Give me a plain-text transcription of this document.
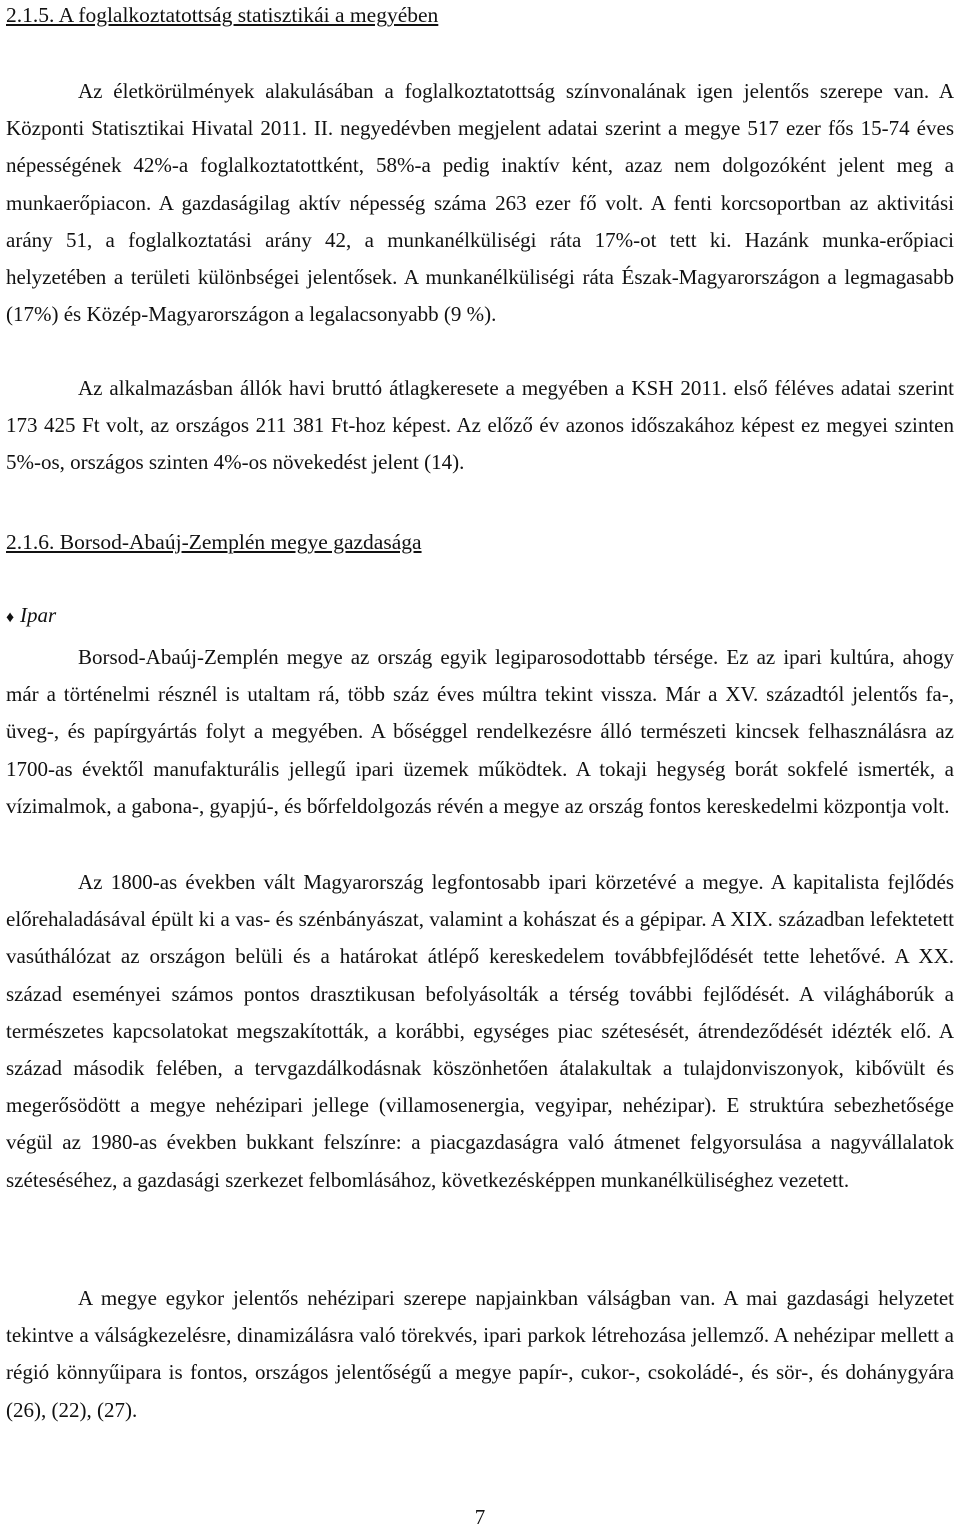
2.1.5. A foglalkoztatottság statisztikái a megyében

Az életkörülmények alakulásában a foglalkoztatottság színvonalának igen jelentős szerepe van. A Központi Statisztikai Hivatal 2011. II. negyedévben megjelent adatai szerint a megye 517 ezer fős 15-74 éves népességének 42%-a foglalkoztatottként, 58%-a pedig inaktív ként, azaz nem dolgozóként jelent meg a munkaerőpiacon. A gazdaságilag aktív népesség száma 263 ezer fő volt. A fenti korcsoportban az aktivitási arány 51, a foglalkoztatási arány 42, a munkanélküliségi ráta 17%-ot tett ki. Hazánk munka-erőpiaci helyzetében a területi különbségei jelentősek. A munkanélküliségi ráta Észak-Magyarországon a legmagasabb (17%) és Közép-Magyarországon a legalacsonyabb (9 %).

Az alkalmazásban állók havi bruttó átlagkeresete a megyében a KSH 2011. első féléves adatai szerint 173 425 Ft volt, az országos 211 381 Ft-hoz képest. Az előző év azonos időszakához képest ez megyei szinten 5%-os, országos szinten 4%-os növekedést jelent (14).

2.1.6. Borsod-Abaúj-Zemplén megye gazdasága
♦ Ipar

Borsod-Abaúj-Zemplén megye az ország egyik legiparosodottabb térsége. Ez az ipari kultúra, ahogy már a történelmi résznél is utaltam rá, több száz éves múltra tekint vissza. Már a XV. századtól jelentős fa-, üveg-, és papírgyártás folyt a megyében. A bőséggel rendelkezésre álló természeti kincsek felhasználásra az 1700-as évektől manufakturális jellegű ipari üzemek működtek. A tokaji hegység borát sokfelé ismerték, a vízimalmok, a gabona-, gyapjú-, és bőrfeldolgozás révén a megye az ország fontos kereskedelmi központja volt.

Az 1800-as években vált Magyarország legfontosabb ipari körzetévé a megye. A kapitalista fejlődés előrehaladásával épült ki a vas- és szénbányászat, valamint a kohászat és a gépipar. A XIX. században lefektetett vasúthálózat az országon belüli és a határokat átlépő kereskedelem továbbfejlődését tette lehetővé. A XX. század eseményei számos pontos drasztikusan befolyásolták a térség további fejlődését. A világháborúk a természetes kapcsolatokat megszakították, a korábbi, egységes piac szétesését, átrendeződését idézték elő. A század második felében, a tervgazdálkodásnak köszönhetően átalakultak a tulajdonviszonyok, kibővült és megerősödött a megye nehézipari jellege (villamosenergia, vegyipar, nehézipar). E struktúra sebezhetősége végül az 1980-as években bukkant felszínre: a piacgazdaságra való átmenet felgyorsulása a nagyvállalatok széteséséhez, a gazdasági szerkezet felbomlásához, következésképpen munkanélküliséghez vezetett.

A megye egykor jelentős nehézipari szerepe napjainkban válságban van. A mai gazdasági helyzetet tekintve a válságkezelésre, dinamizálásra való törekvés, ipari parkok létrehozása jellemző. A nehézipar mellett a régió könnyűipara is fontos, országos jelentőségű a megye papír-, cukor-, csokoládé-, és sör-, és dohánygyára (26), (22), (27).

7
